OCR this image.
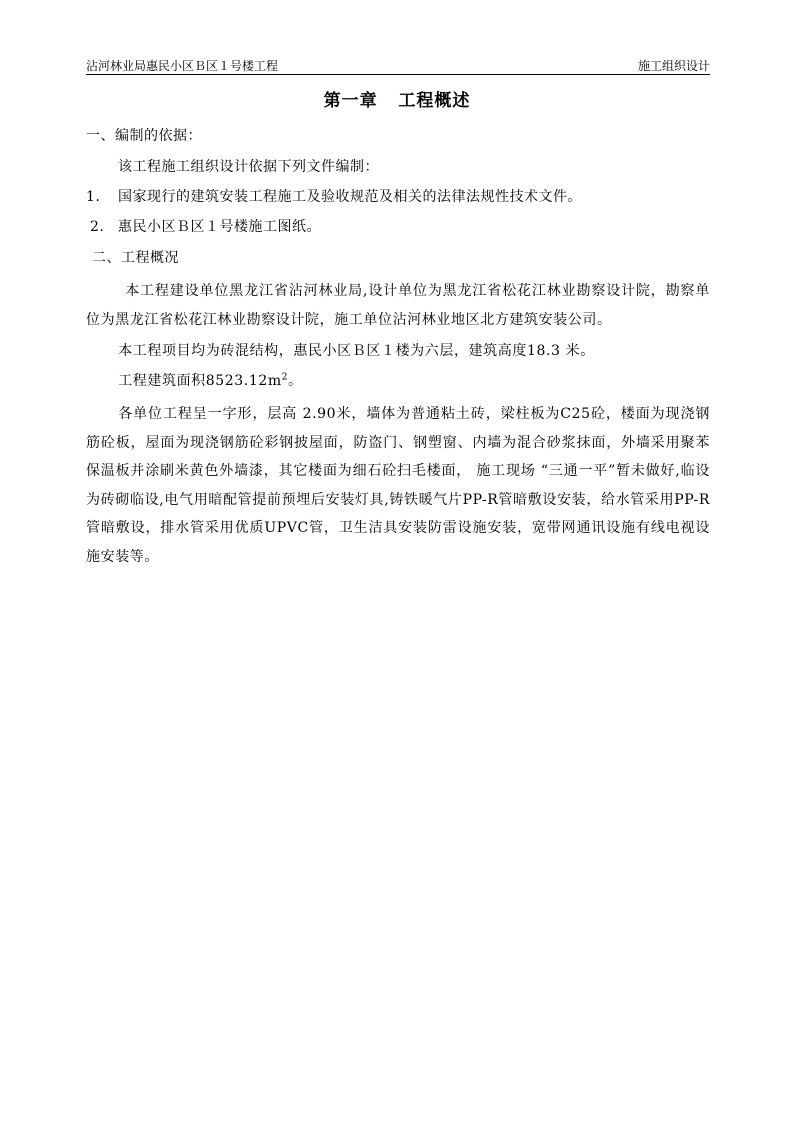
沾河林业局惠民小区Ｂ区１号楼工程	施工组织设计
第一章   工程概述
一、编制的依据：
该工程施工组织设计依据下列文件编制：
1. 国家现行的建筑安装工程施工及验收规范及相关的法律法规性技术文件。
2. 惠民小区Ｂ区１号楼施工图纸。
二、工程概况
本工程建设单位黑龙江省沾河林业局,设计单位为黑龙江省松花江林业勘察设计院，勘察单位为黑龙江省松花江林业勘察设计院，施工单位沾河林业地区北方建筑安装公司。
本工程项目均为砖混结构，惠民小区Ｂ区１楼为六层，建筑高度18.3 米。
工程建筑面积$8523.12m^2$。
各单位工程呈一字形，层高 2.90米，墙体为普通粘土砖，梁柱板为C25砼，楼面为现浇钢筋砼板，屋面为现浇钢筋砼彩钢披屋面，防盗门、钢塑窗、内墙为混合砂浆抹面，外墙采用聚苯保温板并涂刷米黄色外墙漆，其它楼面为细石砼扫毛楼面， 施工现场 “三通一平”暂未做好,临设为砖砌临设,电气用暗配管提前预埋后安装灯具,铸铁暖气片PP-R管暗敷设安装，给水管采用PP-R管暗敷设，排水管采用优质UPVC管，卫生洁具安装防雷设施安装，宽带网通讯设施有线电视设施安装等。
